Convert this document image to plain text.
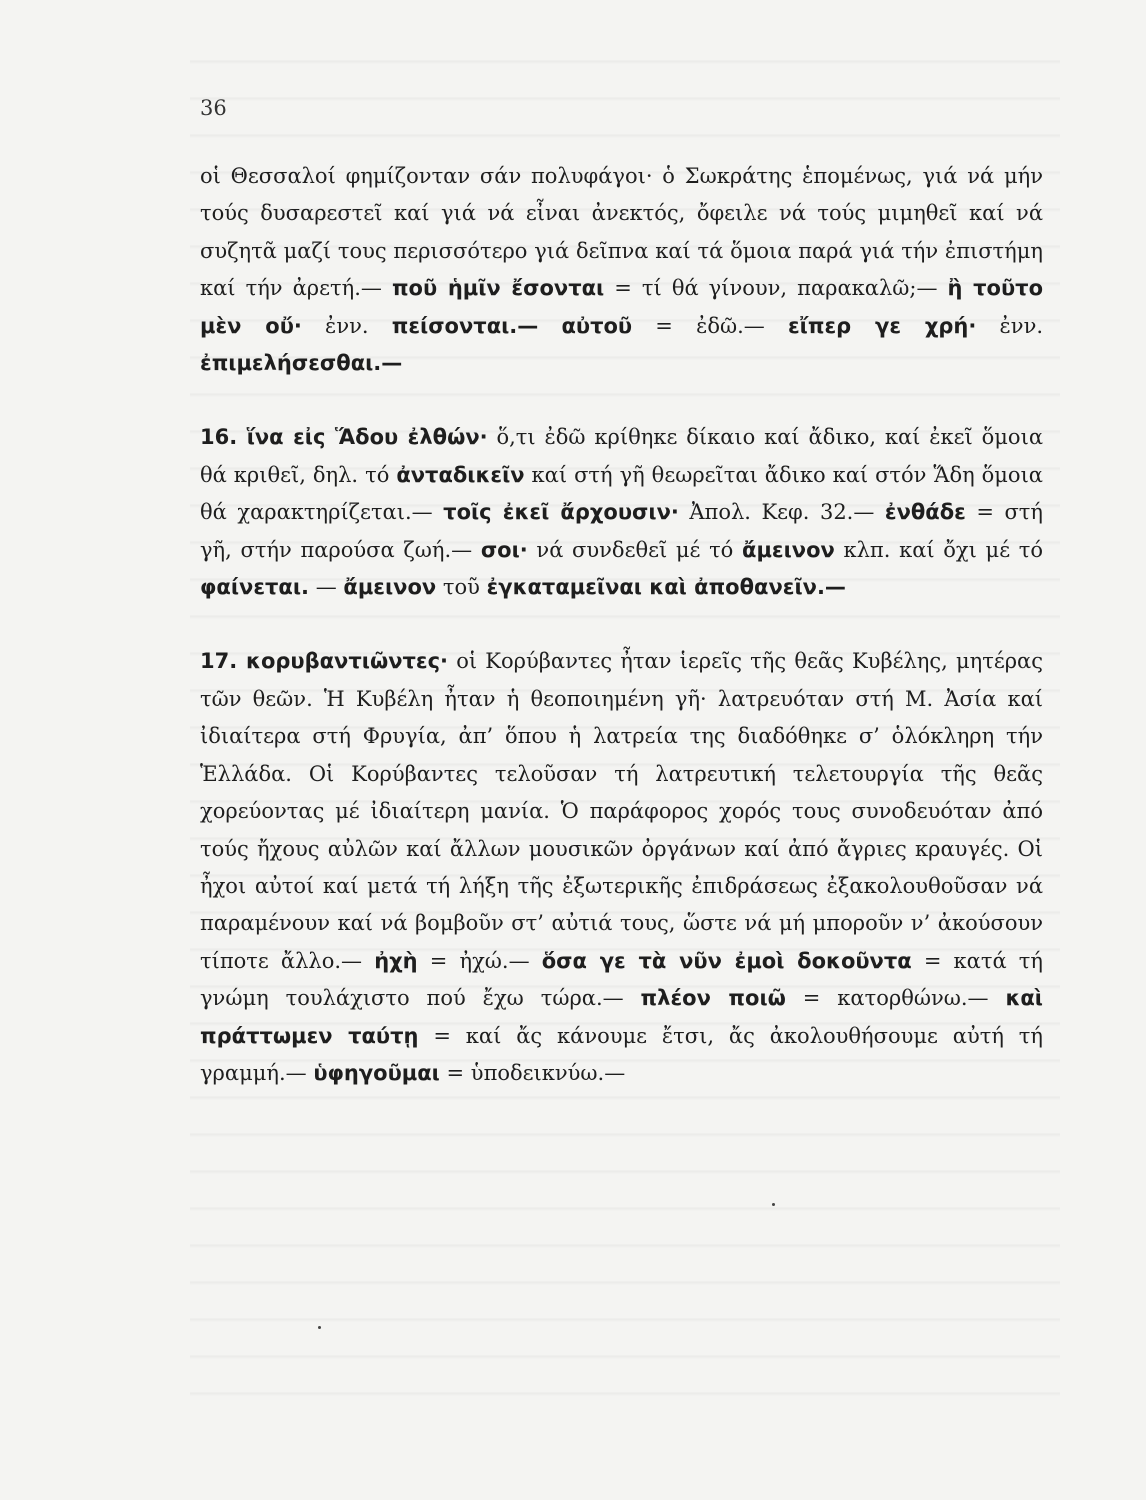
36

οἱ Θεσσαλοί φημίζονταν σάν πολυφάγοι· ὁ Σωκράτης ἑπομένως, γιά νά μήν τούς δυσαρεστεῖ καί γιά νά εἶναι ἀνεκτός, ὄφειλε νά τούς μιμηθεῖ καί νά συζητᾶ μαζί τους περισσότερο γιά δεῖπνα καί τά ὅμοια παρά γιά τήν ἐπιστήμη καί τήν ἀρετή.— ποῦ ἡμῖν ἔσονται = τί θά γίνουν, παρακαλῶ;— ἢ τοῦτο μὲν οὔ· ἐνν. πείσονται.— αὐτοῦ = ἐδῶ.— εἴπερ γε χρή· ἐνν. ἐπιμελήσεσθαι.—

16. ἵνα εἰς Ἅδου ἐλθών· ὅ,τι ἐδῶ κρίθηκε δίκαιο καί ἄδικο, καί ἐκεῖ ὅμοια θά κριθεῖ, δηλ. τό ἀνταδικεῖν καί στή γῆ θεωρεῖται ἄδικο καί στόν Ἅδη ὅμοια θά χαρακτηρίζεται.— τοῖς ἐκεῖ ἄρχουσιν· Ἀπολ. Κεφ. 32.— ἐνθάδε = στή γῆ, στήν παρούσα ζωή.— σοι· νά συνδεθεῖ μέ τό ἄμεινον κλπ. καί ὄχι μέ τό φαίνεται. — ἄμεινον τοῦ ἐγκαταμεῖναι καὶ ἀποθανεῖν.—

17. κορυβαντιῶντες· οἱ Κορύβαντες ἦταν ἱερεῖς τῆς θεᾶς Κυβέλης, μητέρας τῶν θεῶν. Ἡ Κυβέλη ἦταν ἡ θεοποιημένη γῆ· λατρευόταν στή Μ. Ἀσία καί ἰδιαίτερα στή Φρυγία, ἀπ’ ὅπου ἡ λατρεία της διαδόθηκε σ’ ὁλόκληρη τήν Ἑλλάδα. Οἱ Κορύβαντες τελοῦσαν τή λατρευτική τελετουργία τῆς θεᾶς χορεύοντας μέ ἰδιαίτερη μανία. Ὁ παράφορος χορός τους συνοδευόταν ἀπό τούς ἤχους αὐλῶν καί ἄλλων μουσικῶν ὀργάνων καί ἀπό ἄγριες κραυγές. Οἱ ἦχοι αὐτοί καί μετά τή λήξη τῆς ἐξωτερικῆς ἐπιδράσεως ἐξακολουθοῦσαν νά παραμένουν καί νά βομβοῦν στ’ αὐτιά τους, ὥστε νά μή μποροῦν ν’ ἀκούσουν τίποτε ἄλλο.— ἠχὴ = ἠχώ.— ὅσα γε τὰ νῦν ἐμοὶ δοκοῦντα = κατά τή γνώμη τουλάχιστο πού ἔχω τώρα.— πλέον ποιῶ = κατορθώνω.— καὶ πράττωμεν ταύτῃ = καί ἄς κάνουμε ἔτσι, ἄς ἀκολουθήσουμε αὐτή τή γραμμή.— ὑφηγοῦμαι = ὑποδεικνύω.—
